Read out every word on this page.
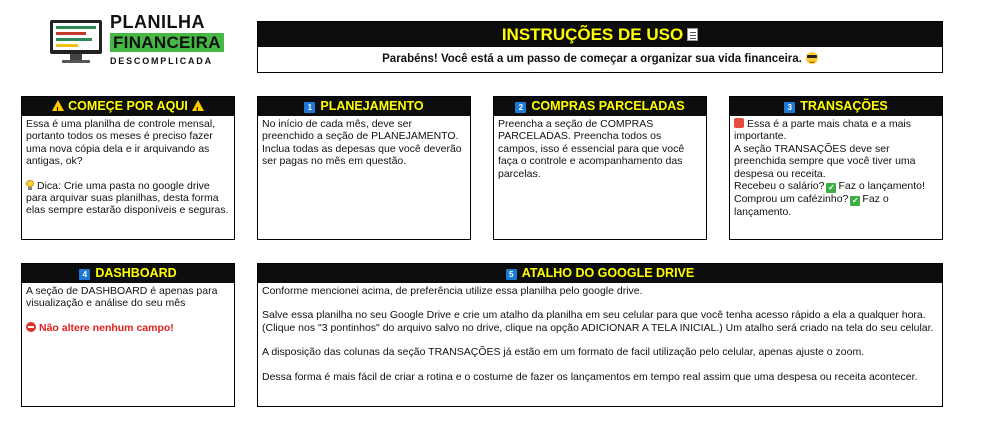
PLANILHA
FINANCEIRA
DESCOMPLICADA
INSTRUÇÕES DE USO
Parabéns! Você está a um passo de começar a organizar sua vida financeira.
!COMEÇE POR AQUI!

Essa é uma planilha de controle mensal, portanto todos os meses é preciso fazer uma nova cópia dela e ir arquivando as antigas, ok?

Dica: Crie uma pasta no google drive para arquivar suas planilhas, desta forma elas sempre estarão disponíveis e seguras.

1 PLANEJAMENTO

No início de cada mês, deve ser preenchido a seção de PLANEJAMENTO. Inclua todas as depesas que você deverão ser pagas no mês em questão.

2 COMPRAS PARCELADAS

Preencha a seção de COMPRAS PARCELADAS. Preencha todos os campos, isso é essencial para que você faça o controle e acompanhamento das parcelas.

3 TRANSAÇÕES

Essa é a parte mais chata e a mais importante.

A seção TRANSAÇÕES deve ser preenchida sempre que você tiver uma despesa ou receita.

Recebeu o salário? ✓ Faz o lançamento!

Comprou um cafézinho? ✓ Faz o lançamento.

4 DASHBOARD

A seção de DASHBOARD é apenas para visualização e análise do seu mês

Não altere nenhum campo!

5 ATALHO DO GOOGLE DRIVE

Conforme mencionei acima, de preferência utilize essa planilha pelo google drive.

Salve essa planilha no seu Google Drive e crie um atalho da planilha em seu celular para que você tenha acesso rápido a ela a qualquer hora. (Clique nos "3 pontinhos" do arquivo salvo no drive, clique na opção ADICIONAR A TELA INICIAL.) Um atalho será criado na tela do seu celular.

A disposição das colunas da seção TRANSAÇÕES já estão em um formato de facil utilização pelo celular, apenas ajuste o zoom.

Dessa forma é mais fácil de criar a rotina e o costume de fazer os lançamentos em tempo real assim que uma despesa ou receita acontecer.
